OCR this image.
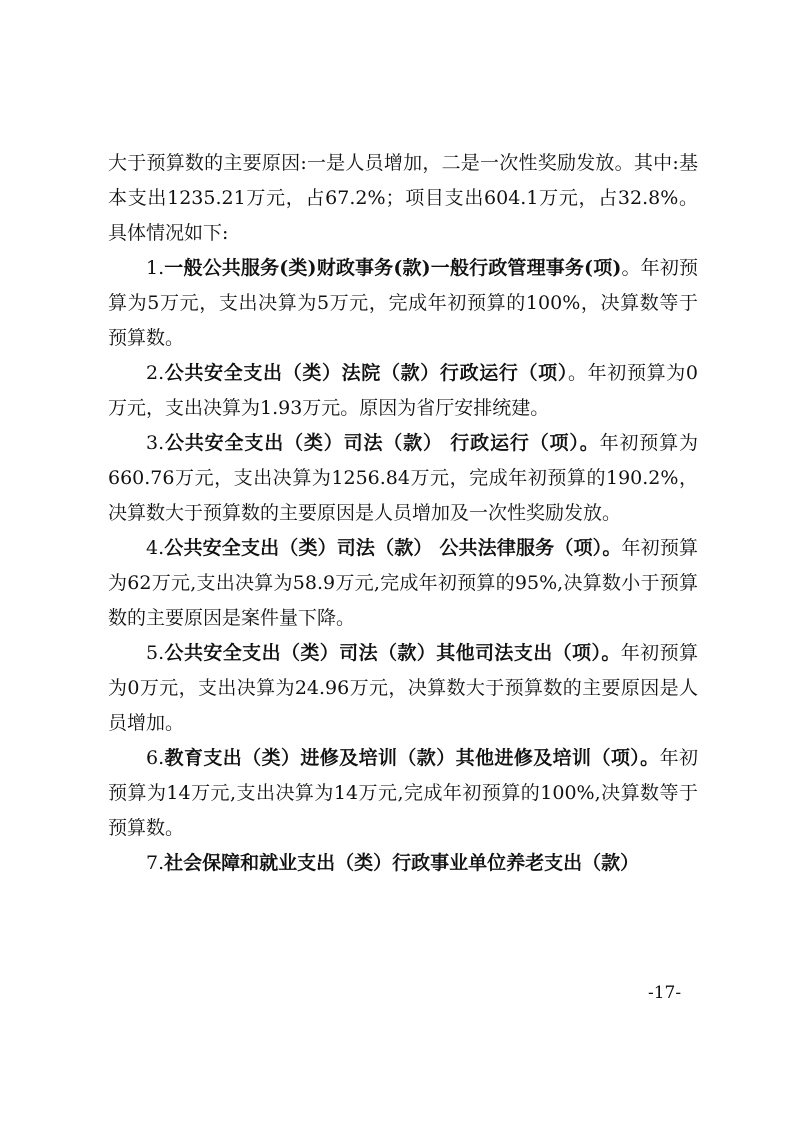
大于预算数的主要原因:一是人员增加，二是一次性奖励发放。其中:基本支出1235.21万元，占67.2%；项目支出604.1万元，占32.8%。具体情况如下:

1.一般公共服务(类)财政事务(款)一般行政管理事务(项)。年初预算为5万元，支出决算为5万元，完成年初预算的100%，决算数等于预算数。

2.公共安全支出（类）法院（款）行政运行（项）。年初预算为0万元，支出决算为1.93万元。原因为省厅安排统建。

3.公共安全支出（类）司法（款） 行政运行（项）。年初预算为660.76万元，支出决算为1256.84万元，完成年初预算的190.2%，决算数大于预算数的主要原因是人员增加及一次性奖励发放。

4.公共安全支出（类）司法（款） 公共法律服务（项）。年初预算为62万元,支出决算为58.9万元,完成年初预算的95%,决算数小于预算数的主要原因是案件量下降。

5.公共安全支出（类）司法（款）其他司法支出（项）。年初预算为0万元，支出决算为24.96万元，决算数大于预算数的主要原因是人员增加。

6.教育支出（类）进修及培训（款）其他进修及培训（项）。年初预算为14万元,支出决算为14万元,完成年初预算的100%,决算数等于预算数。

7.社会保障和就业支出（类）行政事业单位养老支出（款）

-17-
